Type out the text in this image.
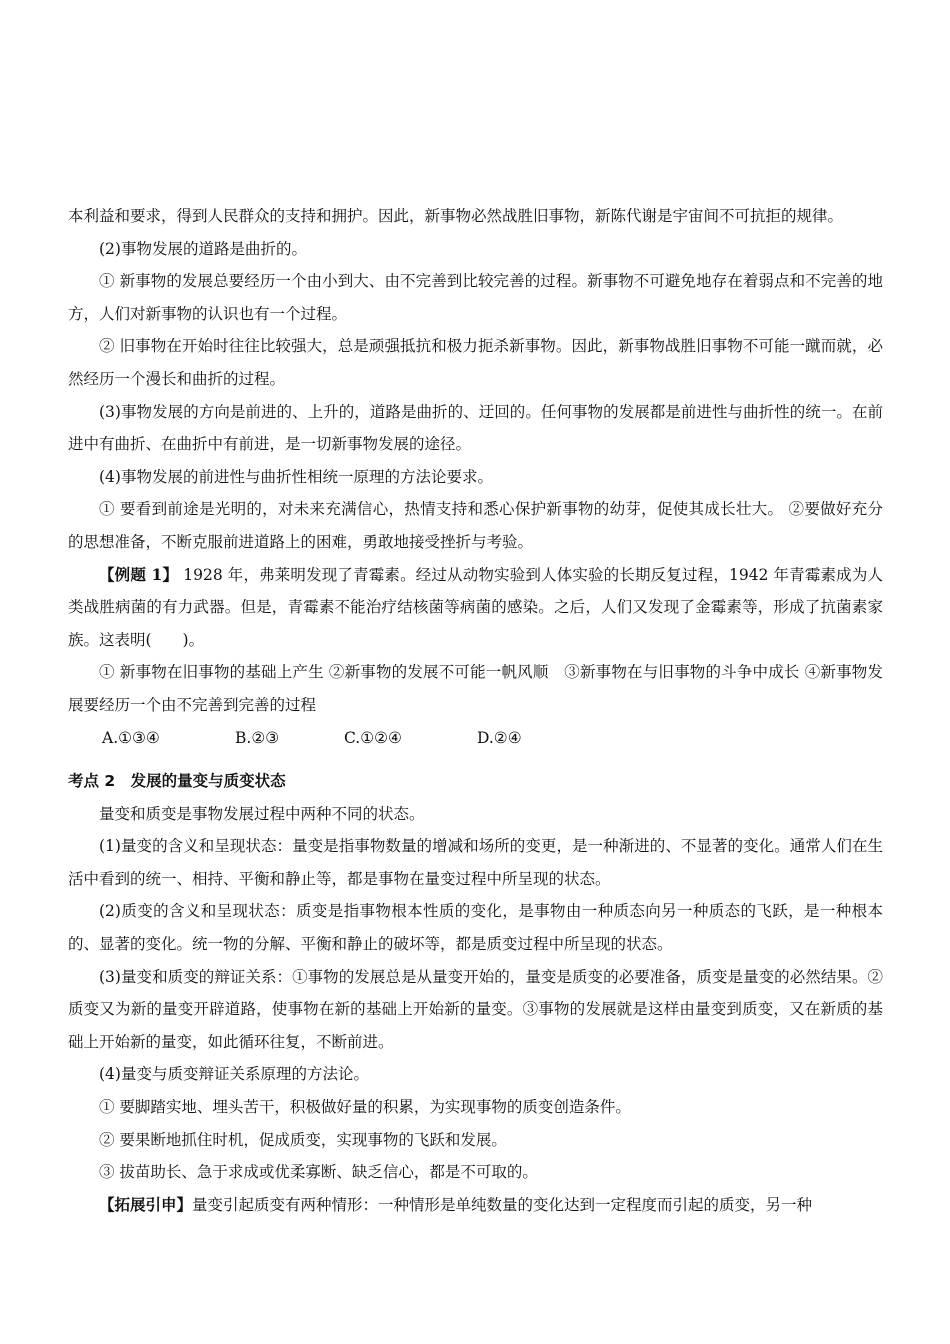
本利益和要求，得到人民群众的支持和拥护。因此，新事物必然战胜旧事物，新陈代谢是宇宙间不可抗拒的规律。

(2)事物发展的道路是曲折的。

① 新事物的发展总要经历一个由小到大、由不完善到比较完善的过程。新事物不可避免地存在着弱点和不完善的地方，人们对新事物的认识也有一个过程。

② 旧事物在开始时往往比较强大，总是顽强抵抗和极力扼杀新事物。因此，新事物战胜旧事物不可能一蹴而就，必然经历一个漫长和曲折的过程。

(3)事物发展的方向是前进的、上升的，道路是曲折的、迂回的。任何事物的发展都是前进性与曲折性的统一。在前进中有曲折、在曲折中有前进，是一切新事物发展的途径。

(4)事物发展的前进性与曲折性相统一原理的方法论要求。

① 要看到前途是光明的，对未来充满信心，热情支持和悉心保护新事物的幼芽，促使其成长壮大。 ②要做好充分的思想准备，不断克服前进道路上的困难，勇敢地接受挫折与考验。

【例题 1】 1928 年，弗莱明发现了青霉素。经过从动物实验到人体实验的长期反复过程，1942 年青霉素成为人类战胜病菌的有力武器。但是，青霉素不能治疗结核菌等病菌的感染。之后，人们又发现了金霉素等，形成了抗菌素家族。这表明(　　)。

① 新事物在旧事物的基础上产生 ②新事物的发展不可能一帆风顺　③新事物在与旧事物的斗争中成长 ④新事物发展要经历一个由不完善到完善的过程

A.①③④	B.②③	C.①②④	D.②④

考点 2　发展的量变与质变状态

量变和质变是事物发展过程中两种不同的状态。

(1)量变的含义和呈现状态：量变是指事物数量的增减和场所的变更，是一种渐进的、不显著的变化。通常人们在生活中看到的统一、相持、平衡和静止等，都是事物在量变过程中所呈现的状态。

(2)质变的含义和呈现状态：质变是指事物根本性质的变化，是事物由一种质态向另一种质态的飞跃，是一种根本的、显著的变化。统一物的分解、平衡和静止的破坏等，都是质变过程中所呈现的状态。

(3)量变和质变的辩证关系：①事物的发展总是从量变开始的，量变是质变的必要准备，质变是量变的必然结果。②质变又为新的量变开辟道路，使事物在新的基础上开始新的量变。③事物的发展就是这样由量变到质变，又在新质的基础上开始新的量变，如此循环往复，不断前进。

(4)量变与质变辩证关系原理的方法论。

① 要脚踏实地、埋头苦干，积极做好量的积累，为实现事物的质变创造条件。

② 要果断地抓住时机，促成质变，实现事物的飞跃和发展。

③ 拔苗助长、急于求成或优柔寡断、缺乏信心，都是不可取的。

【拓展引申】量变引起质变有两种情形：一种情形是单纯数量的变化达到一定程度而引起的质变，另一种
